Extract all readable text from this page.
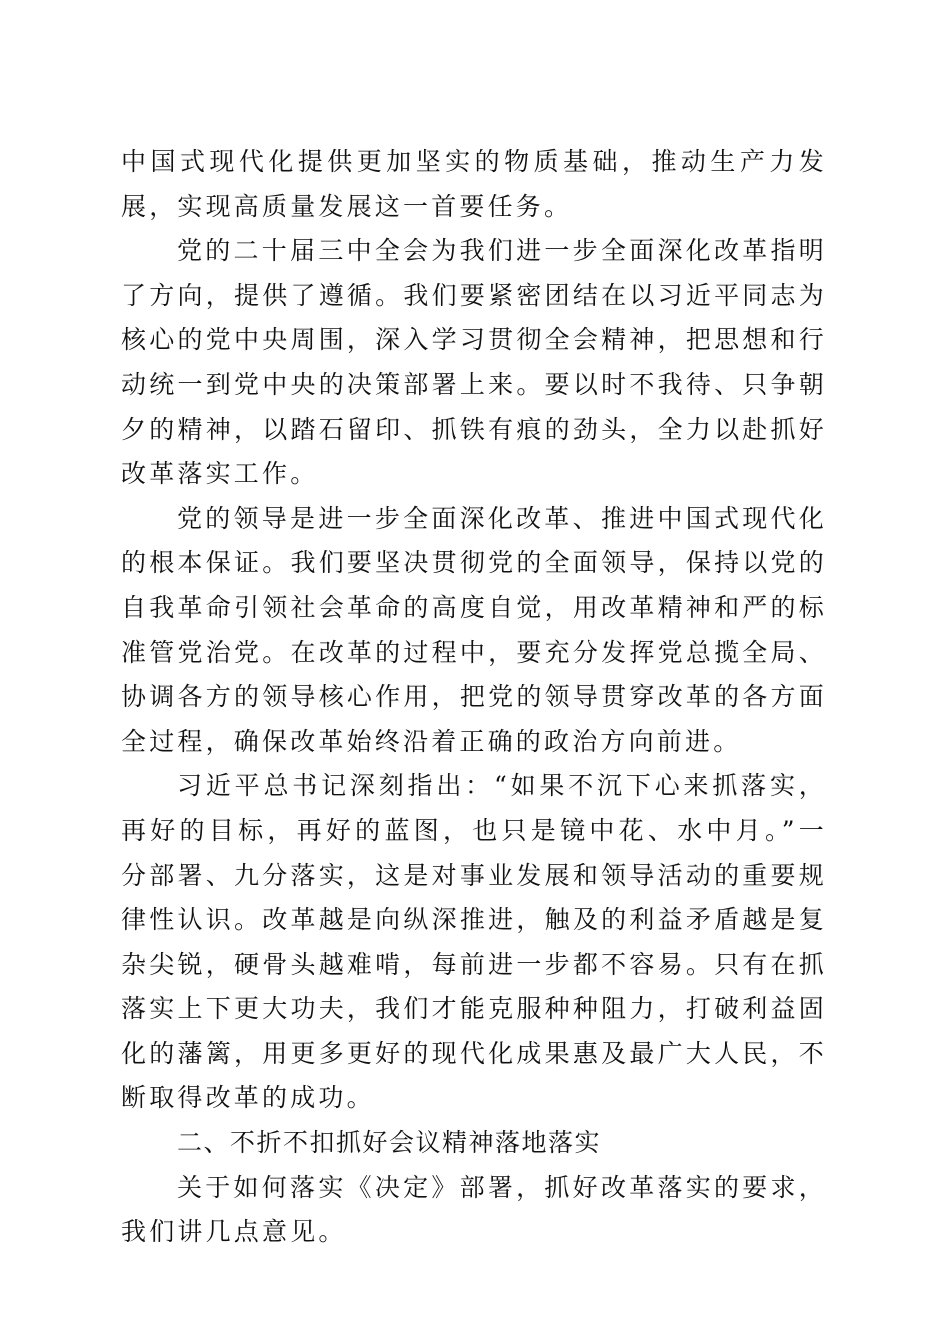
中国式现代化提供更加坚实的物质基础，推动生产力发展，实现高质量发展这一首要任务。

党的二十届三中全会为我们进一步全面深化改革指明了方向，提供了遵循。我们要紧密团结在以习近平同志为核心的党中央周围，深入学习贯彻全会精神，把思想和行动统一到党中央的决策部署上来。要以时不我待、只争朝夕的精神，以踏石留印、抓铁有痕的劲头，全力以赴抓好改革落实工作。

党的领导是进一步全面深化改革、推进中国式现代化的根本保证。我们要坚决贯彻党的全面领导，保持以党的自我革命引领社会革命的高度自觉，用改革精神和严的标准管党治党。在改革的过程中，要充分发挥党总揽全局、协调各方的领导核心作用，把党的领导贯穿改革的各方面全过程，确保改革始终沿着正确的政治方向前进。

习近平总书记深刻指出：“如果不沉下心来抓落实，再好的目标，再好的蓝图，也只是镜中花、水中月。”一分部署、九分落实，这是对事业发展和领导活动的重要规律性认识。改革越是向纵深推进，触及的利益矛盾越是复杂尖锐，硬骨头越难啃，每前进一步都不容易。只有在抓落实上下更大功夫，我们才能克服种种阻力，打破利益固化的藩篱，用更多更好的现代化成果惠及最广大人民，不断取得改革的成功。

二、不折不扣抓好会议精神落地落实

关于如何落实《决定》部署，抓好改革落实的要求，我们讲几点意见。
